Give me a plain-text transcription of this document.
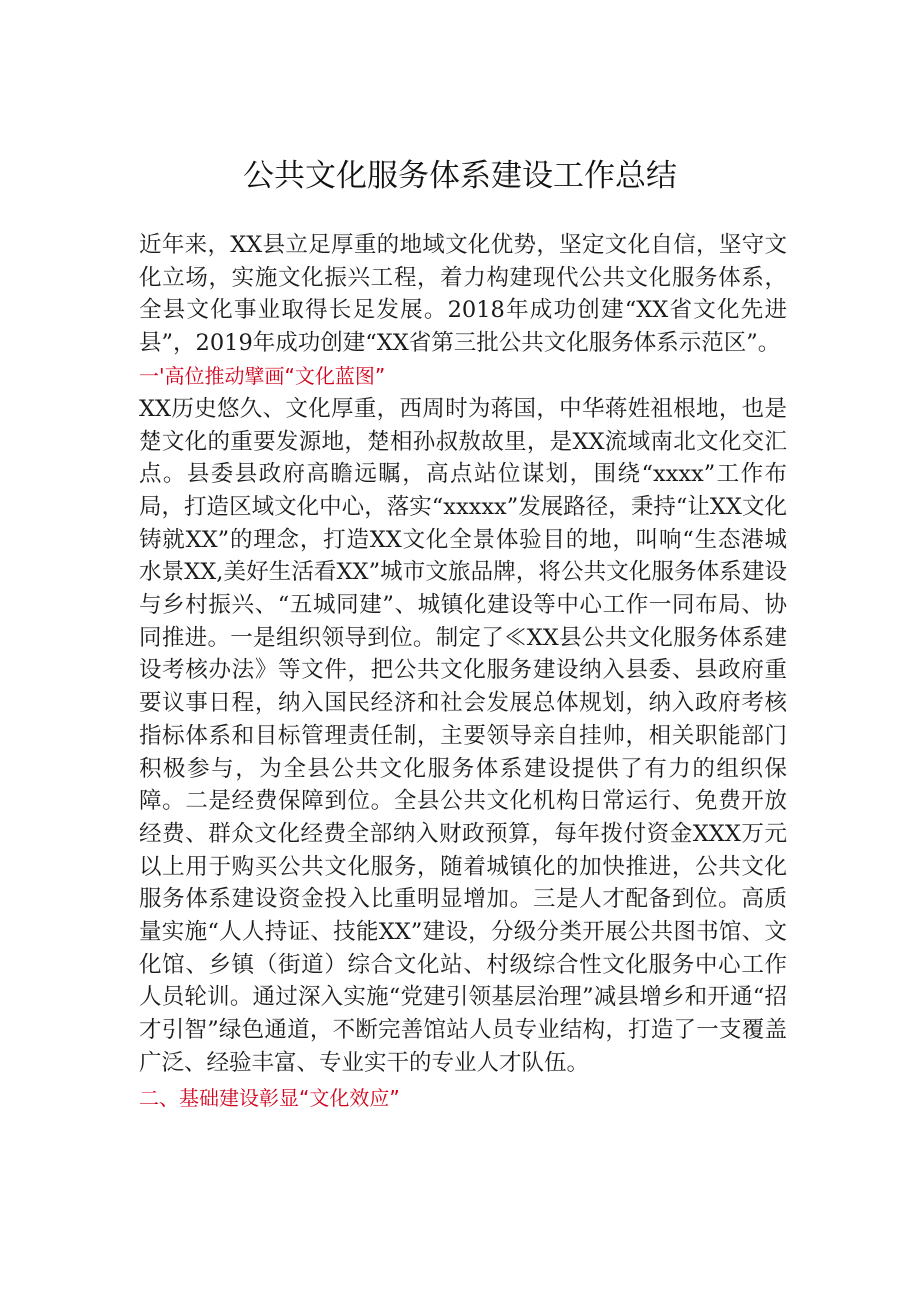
公共文化服务体系建设工作总结

近年来，XX县立足厚重的地域文化优势，坚定文化自信，坚守文化立场，实施文化振兴工程，着力构建现代公共文化服务体系，全县文化事业取得长足发展。2018年成功创建“XX省文化先进县”，2019年成功创建“XX省第三批公共文化服务体系示范区”。

一'高位推动擘画“文化蓝图”

XX历史悠久、文化厚重，西周时为蒋国，中华蒋姓祖根地，也是楚文化的重要发源地，楚相孙叔敖故里，是XX流域南北文化交汇点。县委县政府高瞻远瞩，高点站位谋划，围绕“xxxx”工作布局，打造区域文化中心，落实“xxxxx”发展路径，秉持“让XX文化铸就XX”的理念，打造XX文化全景体验目的地，叫响“生态港城水景XX,美好生活看XX”城市文旅品牌，将公共文化服务体系建设与乡村振兴、“五城同建”、城镇化建设等中心工作一同布局、协同推进。一是组织领导到位。制定了≪XX县公共文化服务体系建设考核办法》等文件，把公共文化服务建设纳入县委、县政府重要议事日程，纳入国民经济和社会发展总体规划，纳入政府考核指标体系和目标管理责任制，主要领导亲自挂帅，相关职能部门积极参与，为全县公共文化服务体系建设提供了有力的组织保障。二是经费保障到位。全县公共文化机构日常运行、免费开放经费、群众文化经费全部纳入财政预算，每年拨付资金XXX万元以上用于购买公共文化服务，随着城镇化的加快推进，公共文化服务体系建设资金投入比重明显增加。三是人才配备到位。高质量实施“人人持证、技能XX”建设，分级分类开展公共图书馆、文化馆、乡镇（街道）综合文化站、村级综合性文化服务中心工作人员轮训。通过深入实施“党建引领基层治理”减县增乡和开通“招才引智”绿色通道，不断完善馆站人员专业结构，打造了一支覆盖广泛、经验丰富、专业实干的专业人才队伍。

二、基础建设彰显“文化效应”
